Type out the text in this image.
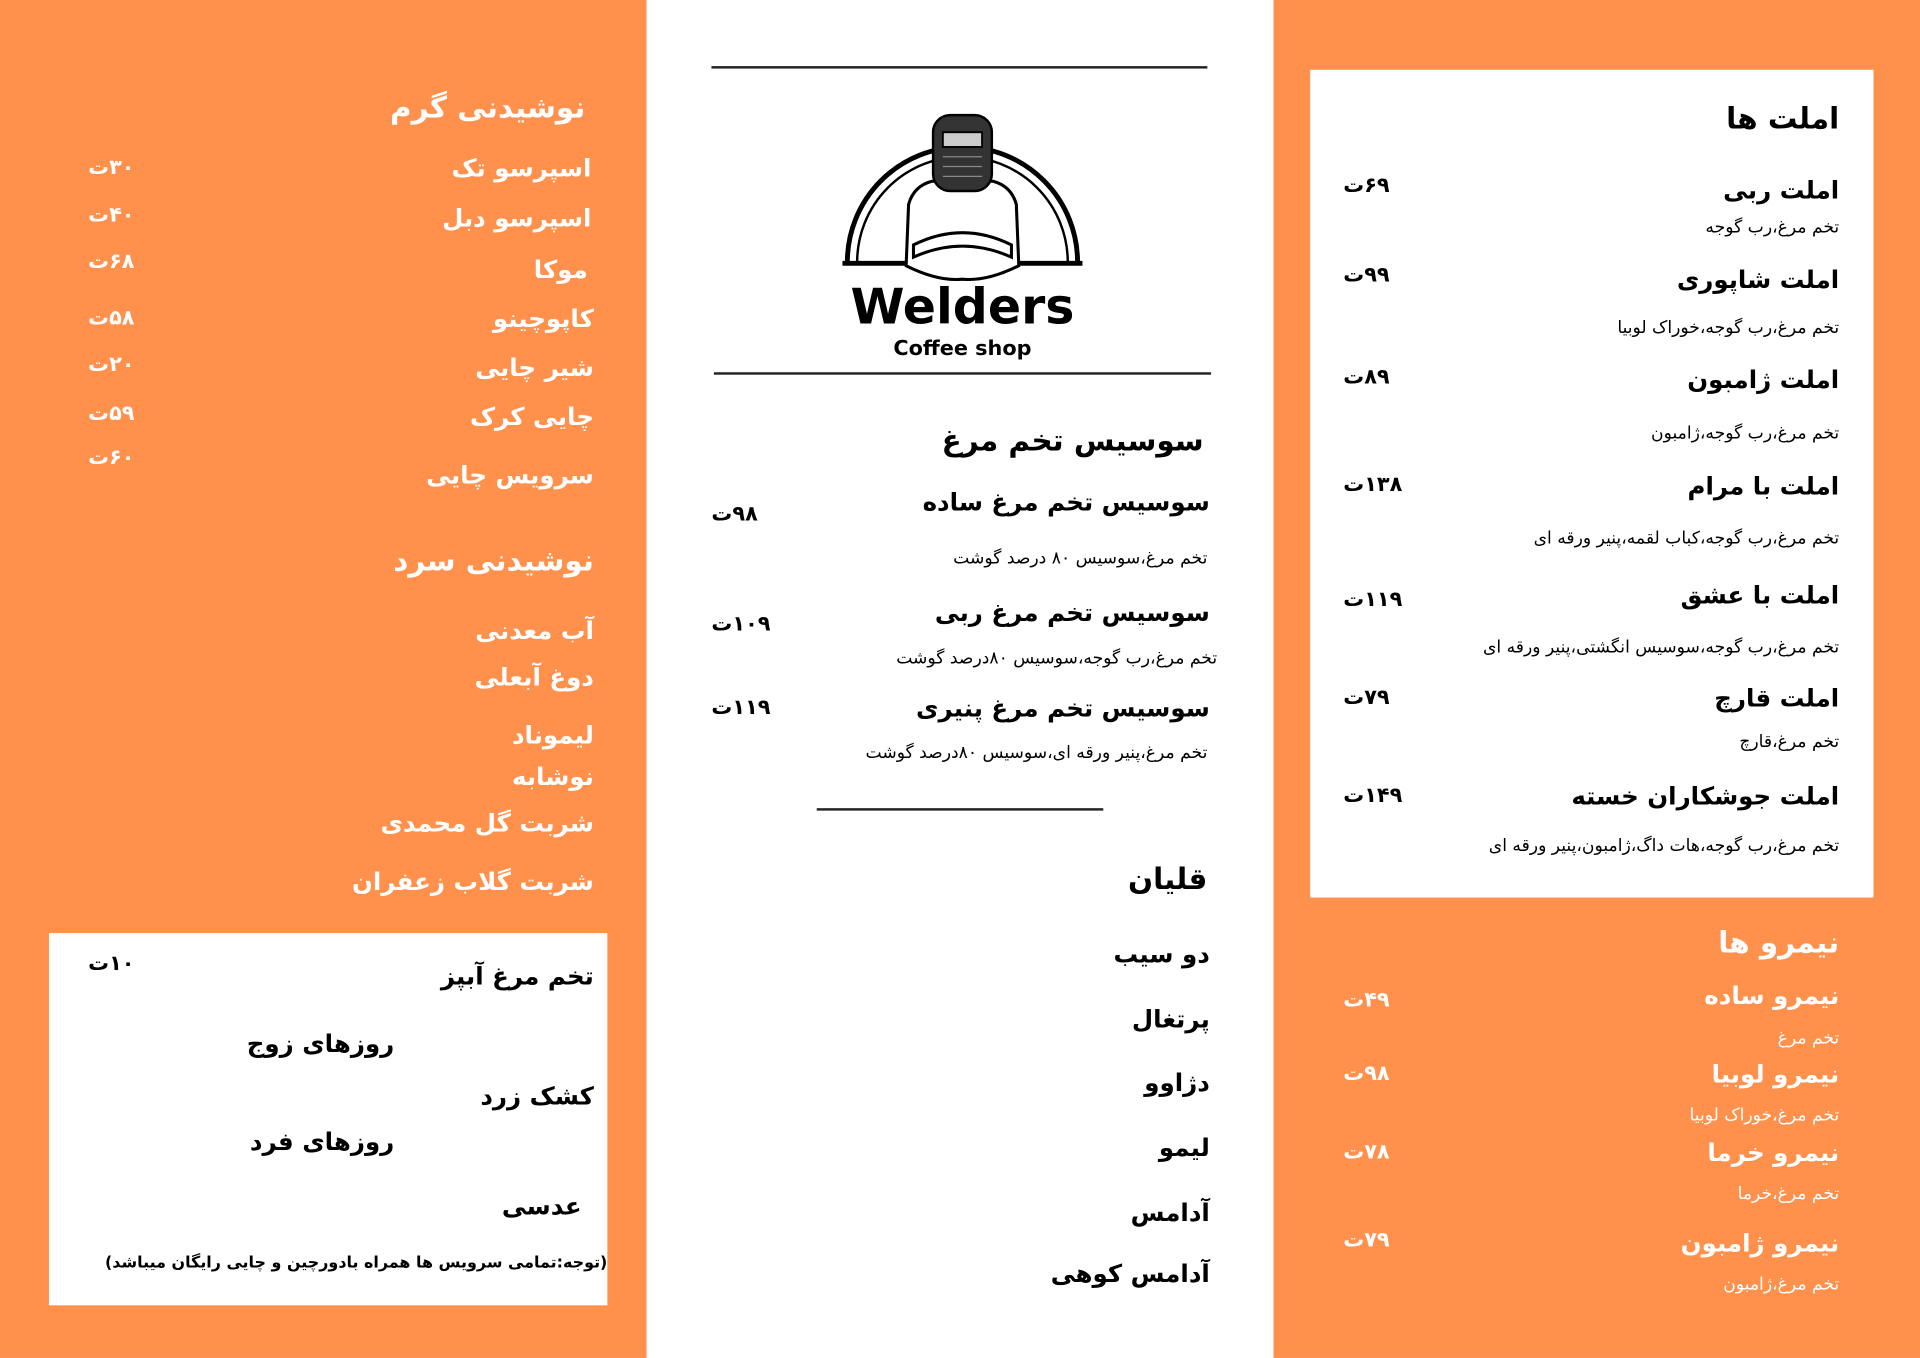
نوشیدنی گرم
اسپرسو تک
اسپرسو دبل
موکا
کاپوچینو
شیر چایی
چایی کرک
سرویس چایی
۳۰ت
۴۰ت
۶۸ت
۵۸ت
۲۰ت
۵۹ت
۶۰ت
نوشیدنی سرد
آب معدنی
دوغ آبعلی
لیموناد
نوشابه
شربت گل محمدی
شربت گلاب زعفران
تخم مرغ آبپز
۱۰ت
روزهای زوج
کشک زرد
روزهای فرد
عدسی
(توجه:تمامی سرویس ها همراه بادورچین و چایی رایگان میباشد)
Welders
Coffee shop
سوسیس تخم مرغ
سوسیس تخم مرغ ساده
۹۸ت
تخم مرغ،سوسیس ۸۰ درصد گوشت
سوسیس تخم مرغ ربی
۱۰۹ت
تخم مرغ،رب گوجه،سوسیس ۸۰درصد گوشت
سوسیس تخم مرغ پنیری
۱۱۹ت
تخم مرغ،پنیر ورقه ای،سوسیس ۸۰درصد گوشت
قلیان
دو سیب
پرتغال
دژاوو
لیمو
آدامس
آدامس کوهی
املت ها
املت ربی
۶۹ت
تخم مرغ،رب گوجه
املت شاپوری
۹۹ت
تخم مرغ،رب گوجه،خوراک لوبیا
املت ژامبون
۸۹ت
تخم مرغ،رب گوجه،ژامبون
املت با مرام
۱۳۸ت
تخم مرغ،رب گوجه،کباب لقمه،پنیر ورقه ای
املت با عشق
۱۱۹ت
تخم مرغ،رب گوجه،سوسیس انگشتی،پنیر ورقه ای
املت قارچ
۷۹ت
تخم مرغ،قارچ
املت جوشکاران خسته
۱۴۹ت
تخم مرغ،رب گوجه،هات داگ،ژامبون،پنیر ورقه ای
نیمرو ها
نیمرو ساده
۴۹ت
تخم مرغ
نیمرو لوبیا
۹۸ت
تخم مرغ،خوراک لوبیا
نیمرو خرما
۷۸ت
تخم مرغ،خرما
نیمرو ژامبون
۷۹ت
تخم مرغ،ژامبون
